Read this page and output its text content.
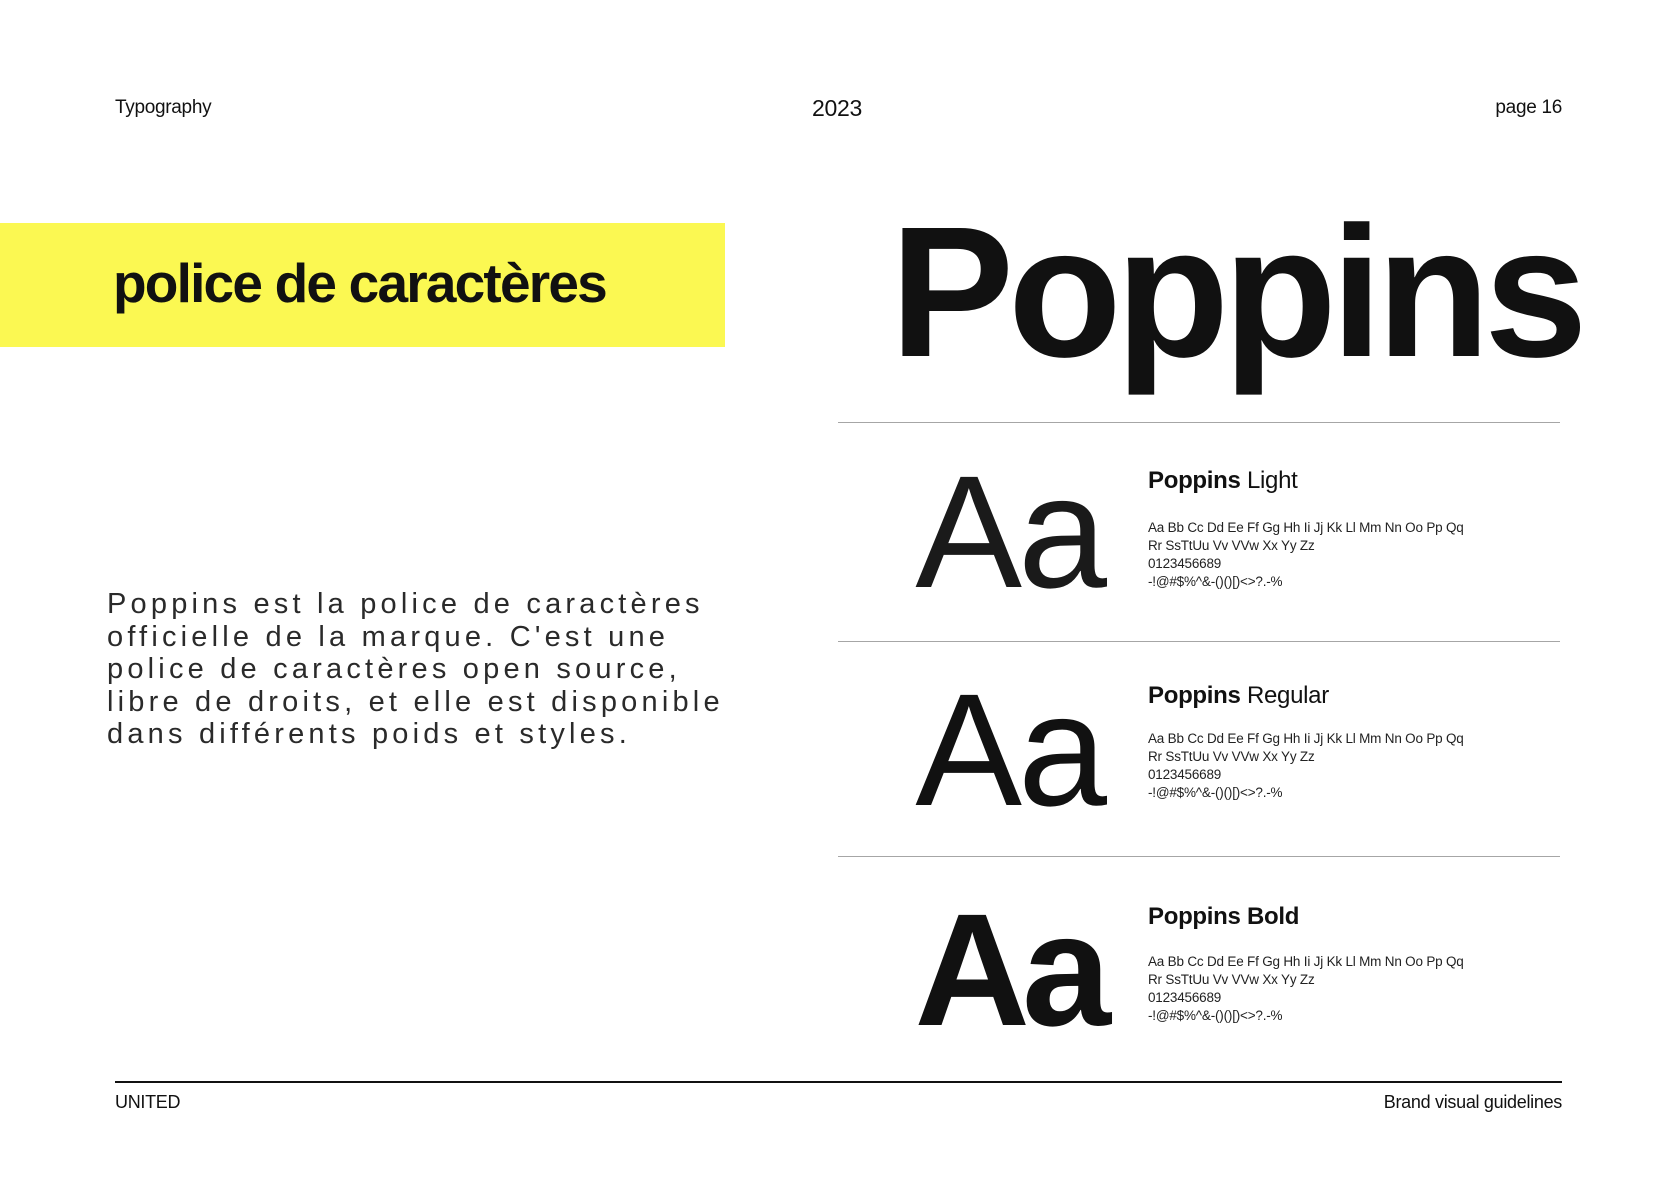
Typography	2023	page 16
police de caractères Poppins

Poppins est la police de caractères officielle de la marque. C'est une police de caractères open source, libre de droits, et elle est disponible dans différents poids et styles.

Aa Poppins Light
Aa Bb Cc Dd Ee Ff Gg Hh Ii Jj Kk Ll Mm Nn Oo Pp Qq
Rr SsTtUu Vv VVw Xx Yy Zz
0123456689
-!@#$%^&-()()[)<>?.-%
Aa Poppins Regular
Aa Bb Cc Dd Ee Ff Gg Hh Ii Jj Kk Ll Mm Nn Oo Pp Qq
Rr SsTtUu Vv VVw Xx Yy Zz
0123456689
-!@#$%^&-()()[)<>?.-%
Aa Poppins Bold
Aa Bb Cc Dd Ee Ff Gg Hh Ii Jj Kk Ll Mm Nn Oo Pp Qq
Rr SsTtUu Vv VVw Xx Yy Zz
0123456689
-!@#$%^&-()()[)<>?.-%
UNITED	Brand visual guidelines
